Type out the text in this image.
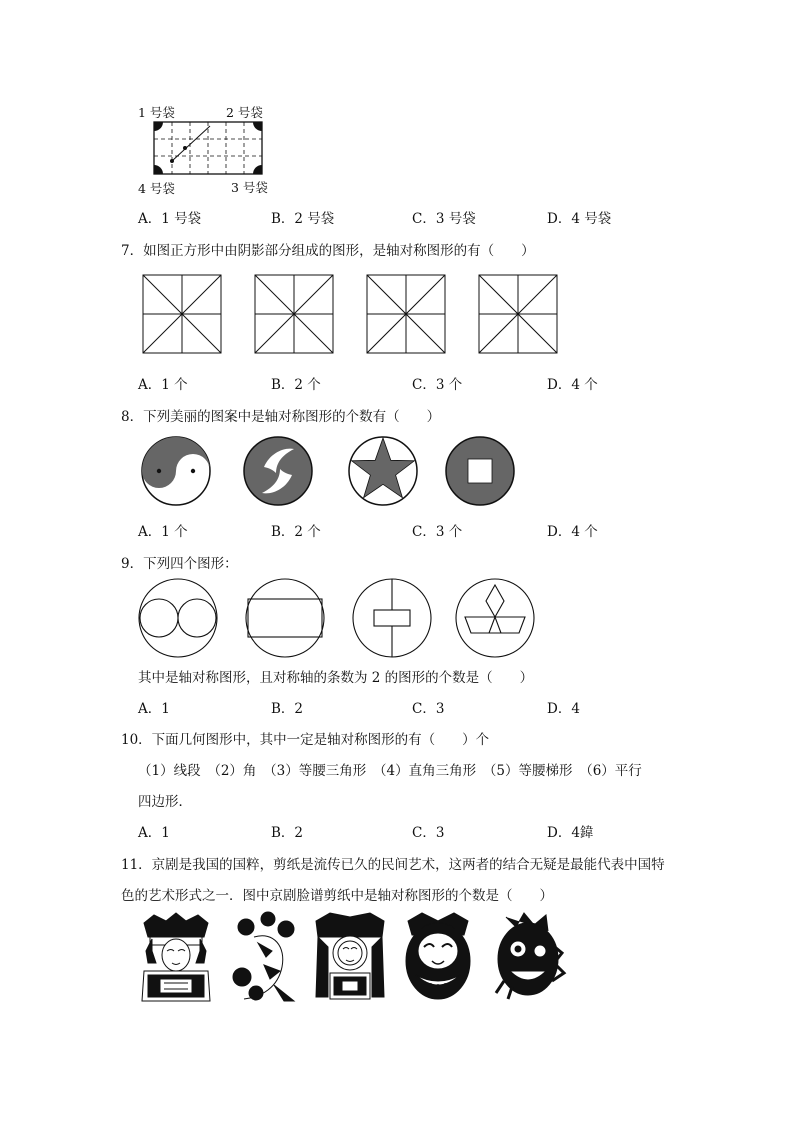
1 号袋	2 号袋
4 号袋	3 号袋
A．1 号袋	B．2 号袋	C．3 号袋	D．4 号袋
7．如图正方形中由阴影部分组成的图形，是轴对称图形的有（　　）
A．1 个	B．2 个	C．3 个	D．4 个
8．下列美丽的图案中是轴对称图形的个数有（　　）
A．1 个	B．2 个	C．3 个	D．4 个
9．下列四个图形：
其中是轴对称图形，且对称轴的条数为 2 的图形的个数是（　　）
A．1	B．2	C．3	D．4
10．下面几何图形中，其中一定是轴对称图形的有（　　）个
（1）线段　（2）角　（3）等腰三角形　（4）直角三角形　（5）等腰梯形　（6）平行
四边形．
A．1	B．2	C．3	D．4鍏
11．京剧是我国的国粹，剪纸是流传已久的民间艺术，这两者的结合无疑是最能代表中国特
色的艺术形式之一．图中京剧脸谱剪纸中是轴对称图形的个数是（　　）
